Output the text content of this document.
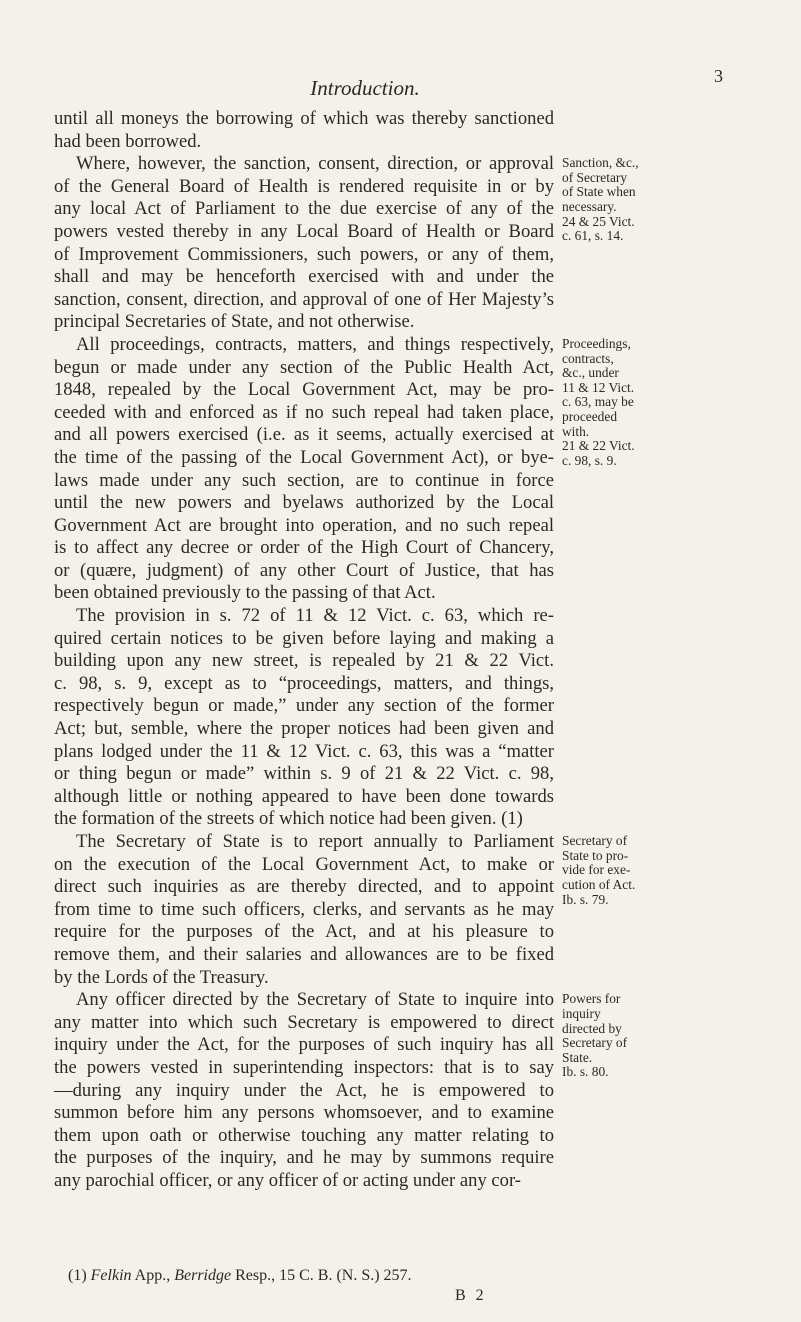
Introduction.	3
until all moneys the borrowing of which was thereby sanctioned
had been borrowed.
Where, however, the sanction, consent, direction, or approval
of the General Board of Health is rendered requisite in or by
any local Act of Parliament to the due exercise of any of the
powers vested thereby in any Local Board of Health or Board
of Improvement Commissioners, such powers, or any of them,
shall and may be henceforth exercised with and under the
sanction, consent, direction, and approval of one of Her Majesty’s
principal Secretaries of State, and not otherwise.
All proceedings, contracts, matters, and things respectively,
begun or made under any section of the Public Health Act,
1848, repealed by the Local Government Act, may be pro-
ceeded with and enforced as if no such repeal had taken place,
and all powers exercised (i.e. as it seems, actually exercised at
the time of the passing of the Local Government Act), or bye-
laws made under any such section, are to continue in force
until the new powers and byelaws authorized by the Local
Government Act are brought into operation, and no such repeal
is to affect any decree or order of the High Court of Chancery,
or (quære, judgment) of any other Court of Justice, that has
been obtained previously to the passing of that Act.
The provision in s. 72 of 11 & 12 Vict. c. 63, which re-
quired certain notices to be given before laying and making a
building upon any new street, is repealed by 21 & 22 Vict.
c. 98, s. 9, except as to “proceedings, matters, and things,
respectively begun or made,” under any section of the former
Act; but, semble, where the proper notices had been given and
plans lodged under the 11 & 12 Vict. c. 63, this was a “matter
or thing begun or made” within s. 9 of 21 & 22 Vict. c. 98,
although little or nothing appeared to have been done towards
the formation of the streets of which notice had been given. (1)
The Secretary of State is to report annually to Parliament
on the execution of the Local Government Act, to make or
direct such inquiries as are thereby directed, and to appoint
from time to time such officers, clerks, and servants as he may
require for the purposes of the Act, and at his pleasure to
remove them, and their salaries and allowances are to be fixed
by the Lords of the Treasury.
Any officer directed by the Secretary of State to inquire into
any matter into which such Secretary is empowered to direct
inquiry under the Act, for the purposes of such inquiry has all
the powers vested in superintending inspectors: that is to say
—during any inquiry under the Act, he is empowered to
summon before him any persons whomsoever, and to examine
them upon oath or otherwise touching any matter relating to
the purposes of the inquiry, and he may by summons require
any parochial officer, or any officer of or acting under any cor-
Sanction, &c.,
of Secretary
of State when
necessary.
24 & 25 Vict.
c. 61, s. 14.
Proceedings,
contracts,
&c., under
11 & 12 Vict.
c. 63, may be
proceeded
with.
21 & 22 Vict.
c. 98, s. 9.
Secretary of
State to pro-
vide for exe-
cution of Act.
Ib. s. 79.
Powers for
inquiry
directed by
Secretary of
State.
Ib. s. 80.
(1) Felkin App., Berridge Resp., 15 C. B. (N. S.) 257.
B 2
